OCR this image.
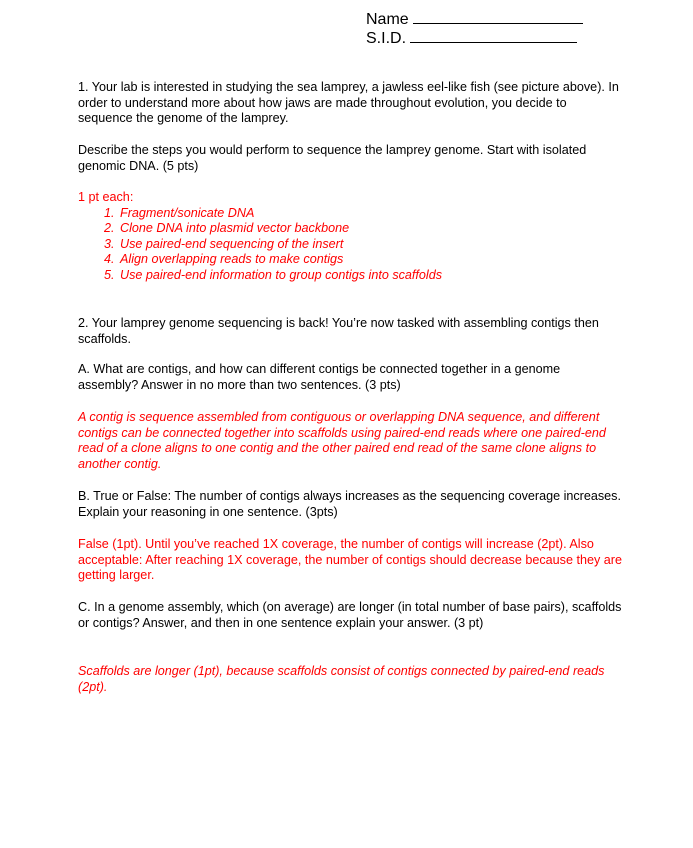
Name
S.I.D.

1. Your lab is interested in studying the sea lamprey, a jawless eel-like fish (see picture above). In order to understand more about how jaws are made throughout evolution, you decide to sequence the genome of the lamprey.

Describe the steps you would perform to sequence the lamprey genome. Start with isolated genomic DNA. (5 pts)

1 pt each:

1. Fragment/sonicate DNA
2. Clone DNA into plasmid vector backbone
3. Use paired-end sequencing of the insert
4. Align overlapping reads to make contigs
5. Use paired-end information to group contigs into scaffolds

2. Your lamprey genome sequencing is back! You’re now tasked with assembling contigs then scaffolds.

A. What are contigs, and how can different contigs be connected together in a genome assembly? Answer in no more than two sentences. (3 pts)

A contig is sequence assembled from contiguous or overlapping DNA sequence, and different contigs can be connected together into scaffolds using paired-end reads where one paired-end read of a clone aligns to one contig and the other paired end read of the same clone aligns to another contig.

B. True or False: The number of contigs always increases as the sequencing coverage increases. Explain your reasoning in one sentence. (3pts)

False (1pt). Until you’ve reached 1X coverage, the number of contigs will increase (2pt). Also acceptable: After reaching 1X coverage, the number of contigs should decrease because they are getting larger.

C. In a genome assembly, which (on average) are longer (in total number of base pairs), scaffolds or contigs? Answer, and then in one sentence explain your answer. (3 pt)

Scaffolds are longer (1pt), because scaffolds consist of contigs connected by paired-end reads (2pt).
